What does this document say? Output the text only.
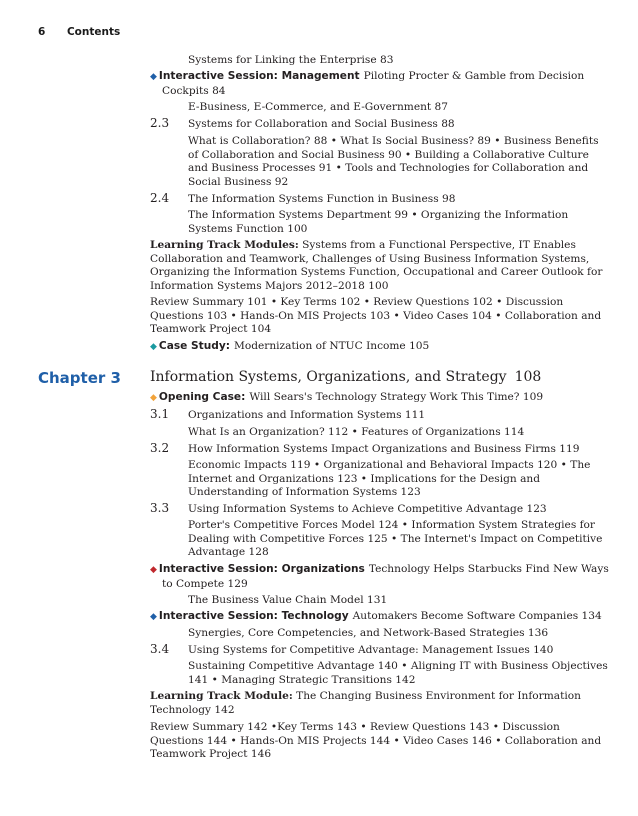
6 Contents
Systems for Linking the Enterprise 83
◆ Interactive Session: Management Piloting Procter & Gamble from Decision Cockpits 84
E-Business, E-Commerce, and E-Government 87
2.3 Systems for Collaboration and Social Business 88
What is Collaboration? 88 • What Is Social Business? 89 • Business Benefits of Collaboration and Social Business 90 • Building a Collaborative Culture and Business Processes 91 • Tools and Technologies for Collaboration and Social Business 92
2.4 The Information Systems Function in Business 98
The Information Systems Department 99 • Organizing the Information Systems Function 100
Learning Track Modules: Systems from a Functional Perspective, IT Enables Collaboration and Teamwork, Challenges of Using Business Information Systems, Organizing the Information Systems Function, Occupational and Career Outlook for Information Systems Majors 2012–2018 100
Review Summary 101 • Key Terms 102 • Review Questions 102 • Discussion Questions 103 • Hands-On MIS Projects 103 • Video Cases 104 • Collaboration and Teamwork Project 104
◆ Case Study: Modernization of NTUC Income 105
Chapter 3 Information Systems, Organizations, and Strategy 108
◆ Opening Case: Will Sears's Technology Strategy Work This Time? 109
3.1 Organizations and Information Systems 111
What Is an Organization? 112 • Features of Organizations 114
3.2 How Information Systems Impact Organizations and Business Firms 119
Economic Impacts 119 • Organizational and Behavioral Impacts 120 • The Internet and Organizations 123 • Implications for the Design and Understanding of Information Systems 123
3.3 Using Information Systems to Achieve Competitive Advantage 123
Porter's Competitive Forces Model 124 • Information System Strategies for Dealing with Competitive Forces 125 • The Internet's Impact on Competitive Advantage 128
◆ Interactive Session: Organizations Technology Helps Starbucks Find New Ways to Compete 129
The Business Value Chain Model 131
◆ Interactive Session: Technology Automakers Become Software Companies 134
Synergies, Core Competencies, and Network-Based Strategies 136
3.4 Using Systems for Competitive Advantage: Management Issues 140
Sustaining Competitive Advantage 140 • Aligning IT with Business Objectives 141 • Managing Strategic Transitions 142
Learning Track Module: The Changing Business Environment for Information Technology 142
Review Summary 142 •Key Terms 143 • Review Questions 143 • Discussion Questions 144 • Hands-On MIS Projects 144 • Video Cases 146 • Collaboration and Teamwork Project 146
